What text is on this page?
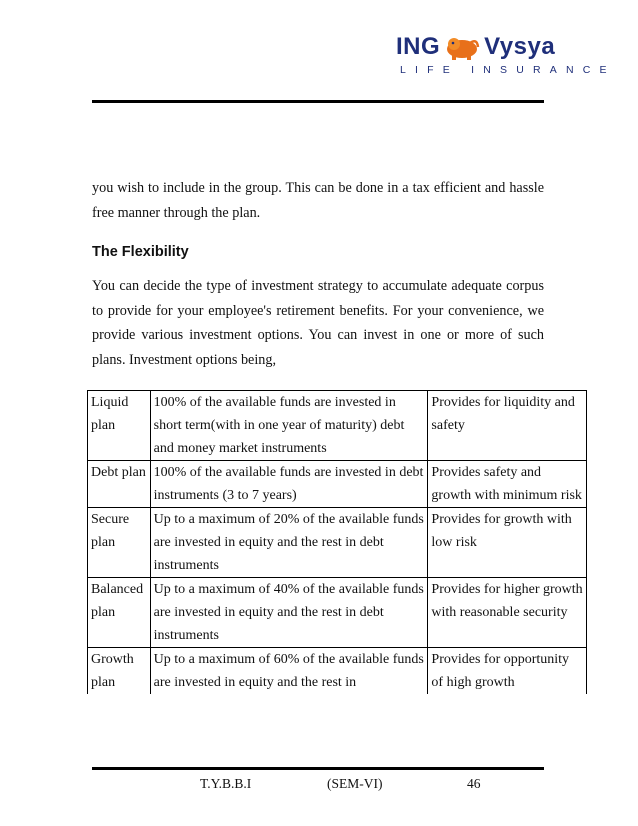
ING Vysya
LIFE INSURANCE

you wish to include in the group. This can be done in a tax efficient and hassle free manner through the plan.

The Flexibility

You can decide the type of investment strategy to accumulate adequate corpus to provide for your employee's retirement benefits. For your convenience, we provide various investment options. You can invest in one or more of such plans. Investment options being,

Liquid plan	100% of the available funds are invested in short term(with in one year of maturity) debt and money market instruments	Provides for liquidity and safety
Debt plan	100% of the available funds are invested in debt instruments (3 to 7 years)	Provides safety and growth with minimum risk
Secure plan	Up to a maximum of 20% of the available funds are invested in equity and the rest in debt instruments	Provides for growth with low risk
Balanced plan	Up to a maximum of 40% of the available funds are invested in equity and the rest in debt instruments	Provides for higher growth with reasonable security
Growth plan	Up to a maximum of 60% of the available funds are invested in equity and the rest in	Provides for opportunity of high growth
T.Y.B.B.I	(SEM-VI)	46
